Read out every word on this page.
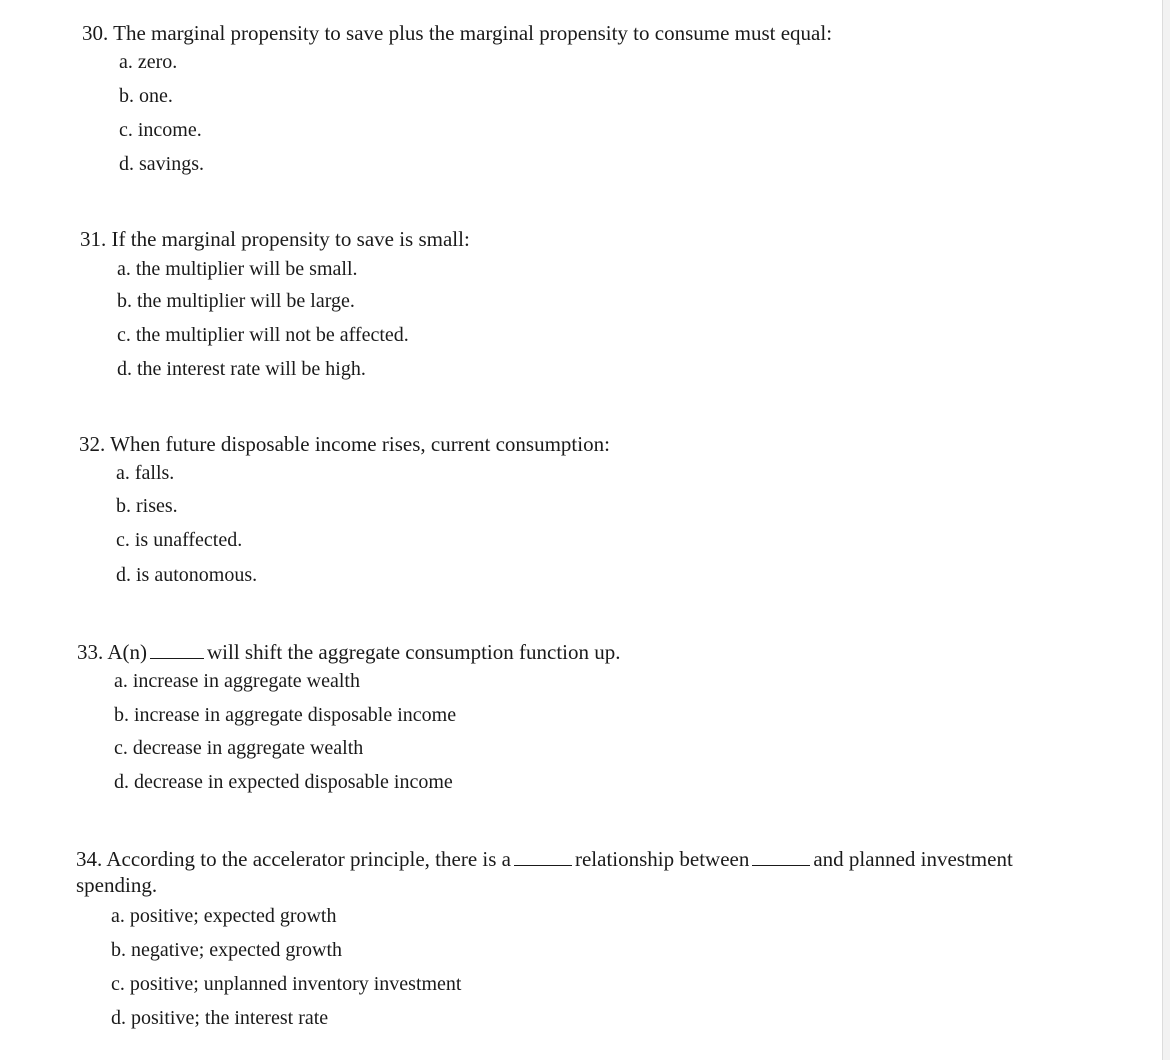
30. The marginal propensity to save plus the marginal propensity to consume must equal:
a. zero.
b. one.
c. income.
d. savings.
31. If the marginal propensity to save is small:
a. the multiplier will be small.
b. the multiplier will be large.
c. the multiplier will not be affected.
d. the interest rate will be high.
32. When future disposable income rises, current consumption:
a. falls.
b. rises.
c. is unaffected.
d. is autonomous.
33. A(n)	will shift the aggregate consumption function up.
a. increase in aggregate wealth
b. increase in aggregate disposable income
c. decrease in aggregate wealth
d. decrease in expected disposable income
34. According to the accelerator principle, there is a	relationship between	and planned investment
spending.
a. positive; expected growth
b. negative; expected growth
c. positive; unplanned inventory investment
d. positive; the interest rate
